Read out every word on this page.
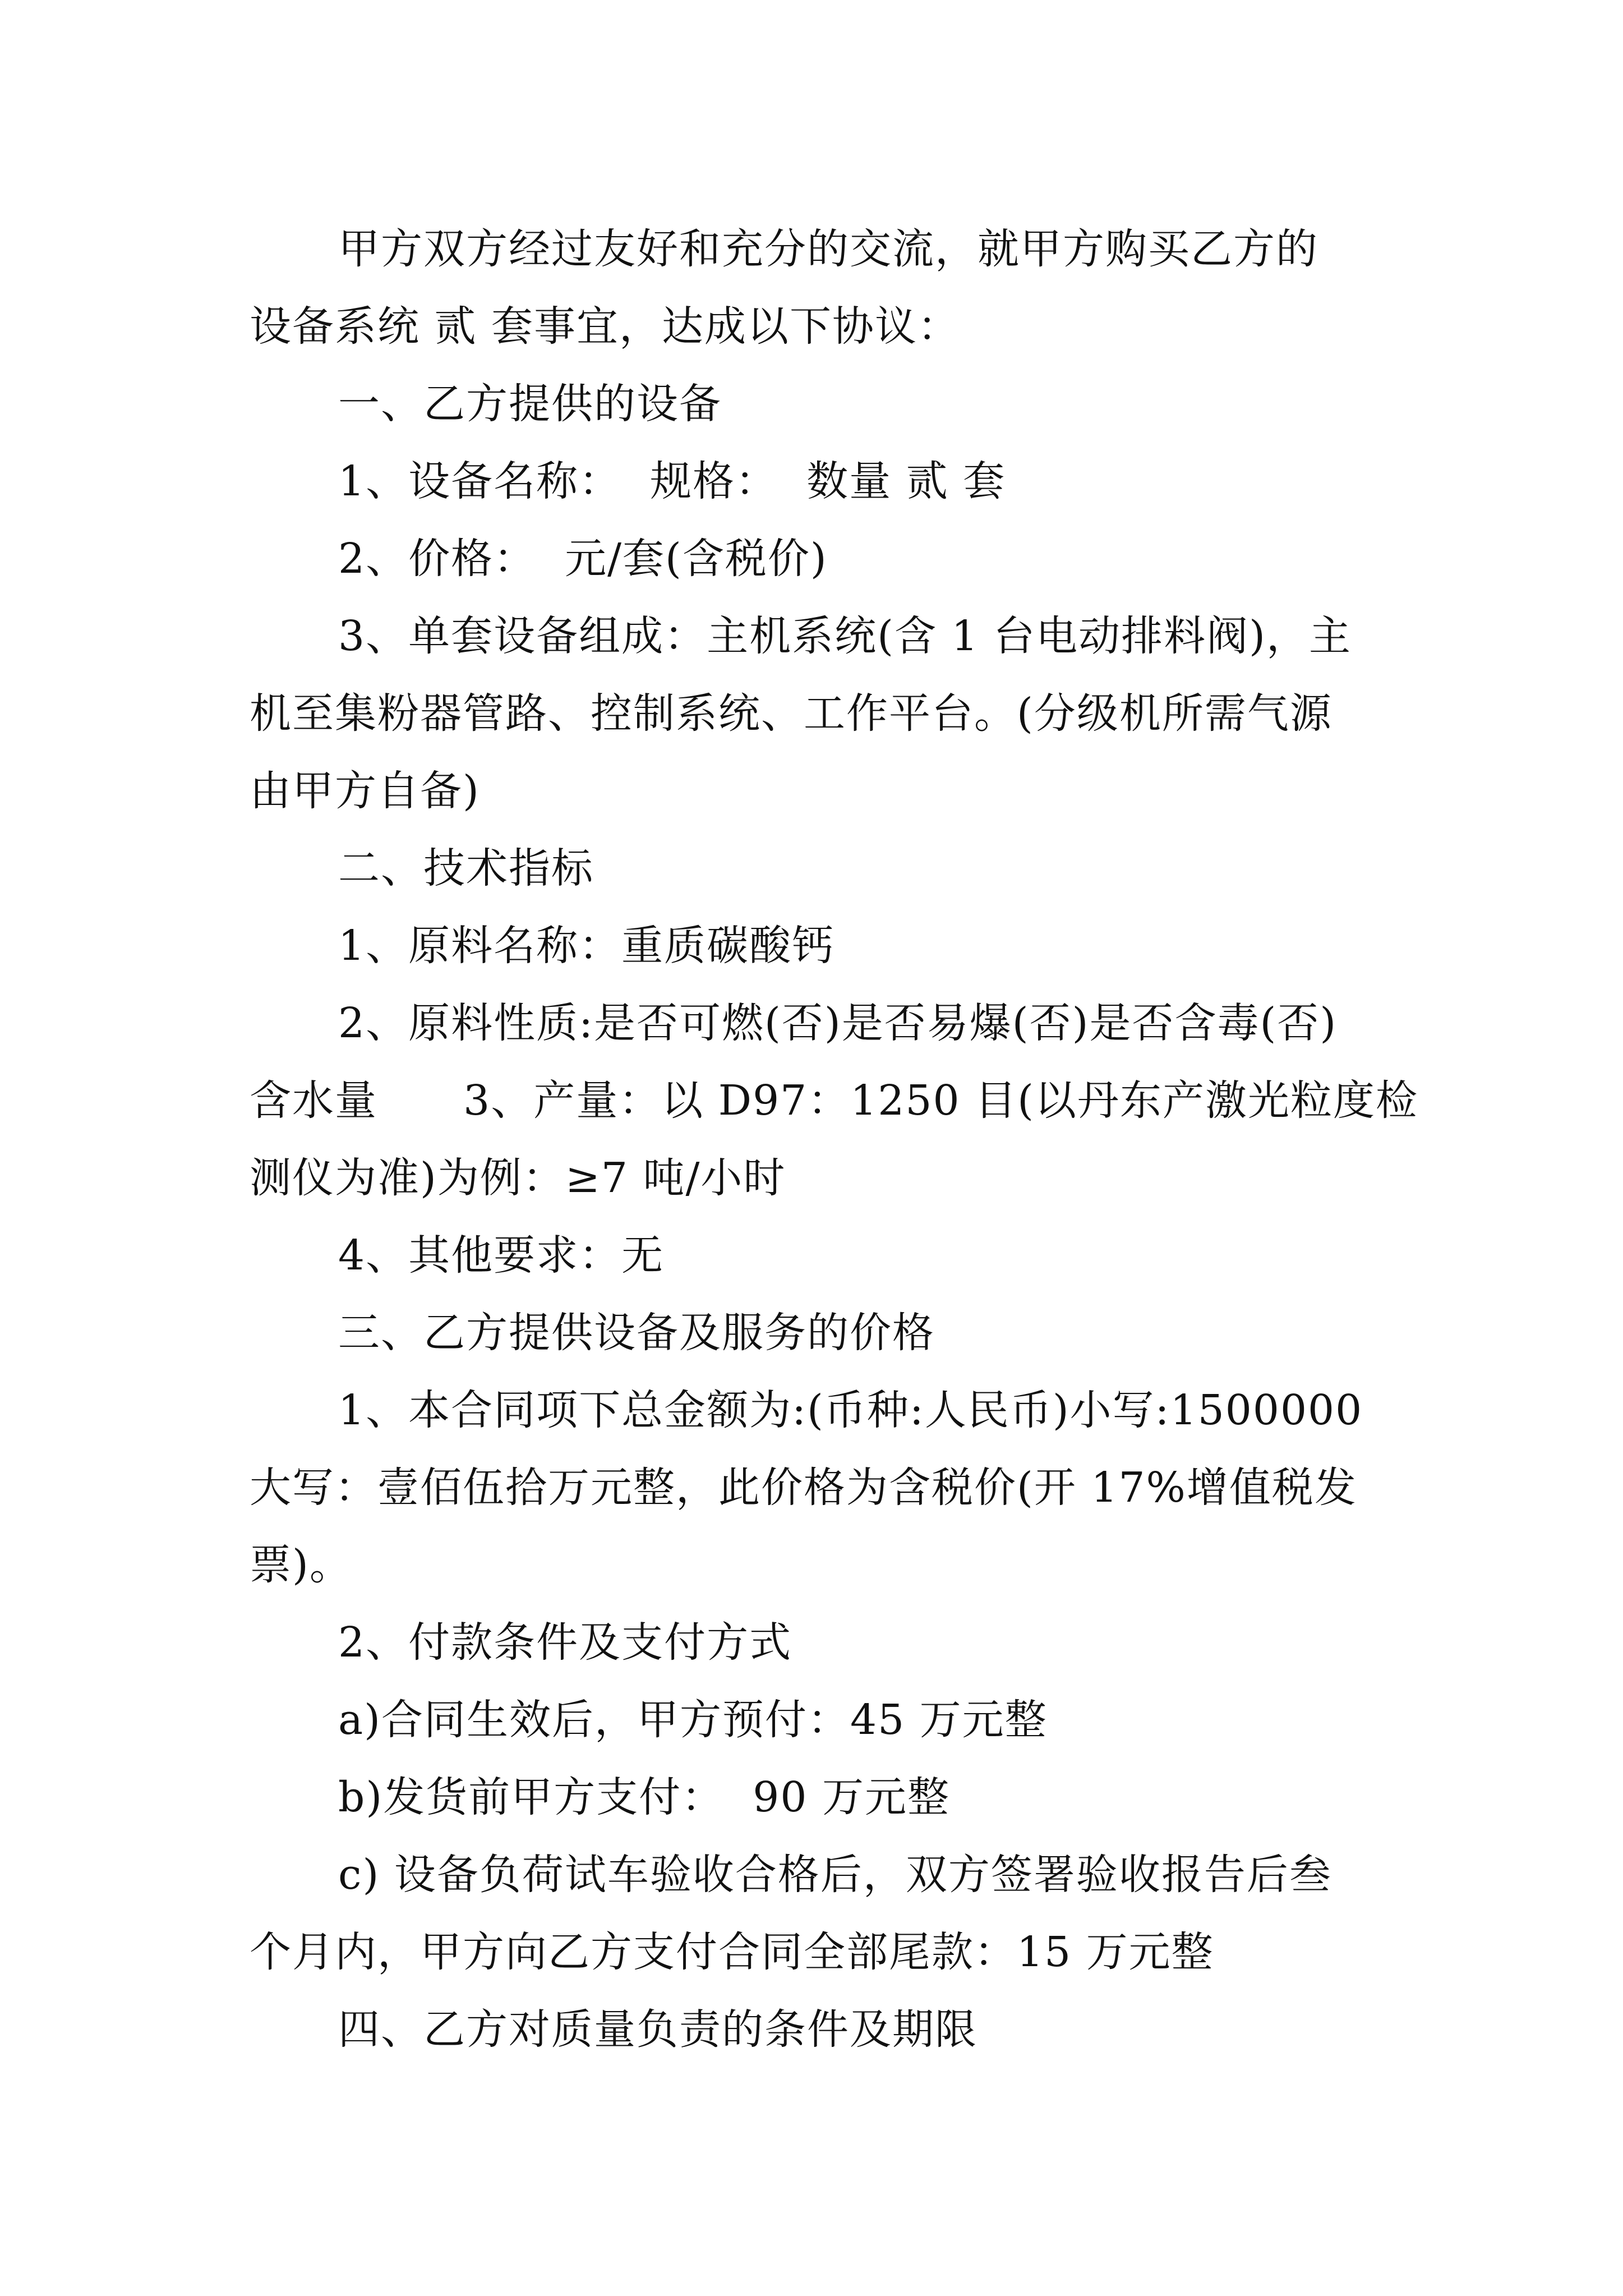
甲方双方经过友好和充分的交流，就甲方购买乙方的
设备系统 贰 套事宜，达成以下协议：
一、乙方提供的设备
1、设备名称：  规格：  数量 贰 套
2、价格：  元/套(含税价)
3、单套设备组成：主机系统(含 1 台电动排料阀)，主
机至集粉器管路、控制系统、工作平台。(分级机所需气源
由甲方自备)
二、技术指标
1、原料名称：重质碳酸钙
2、原料性质:是否可燃(否)是否易爆(否)是否含毒(否)
含水量      3、产量：以 D97：1250 目(以丹东产激光粒度检
测仪为准)为例：≥7 吨/小时
4、其他要求：无
三、乙方提供设备及服务的价格
1、本合同项下总金额为:(币种:人民币)小写:1500000
大写：壹佰伍拾万元整，此价格为含税价(开 17%增值税发
票)。
2、付款条件及支付方式
a)合同生效后，甲方预付：45 万元整
b)发货前甲方支付：  90 万元整
c) 设备负荷试车验收合格后，双方签署验收报告后叁
个月内，甲方向乙方支付合同全部尾款：15 万元整
四、乙方对质量负责的条件及期限
